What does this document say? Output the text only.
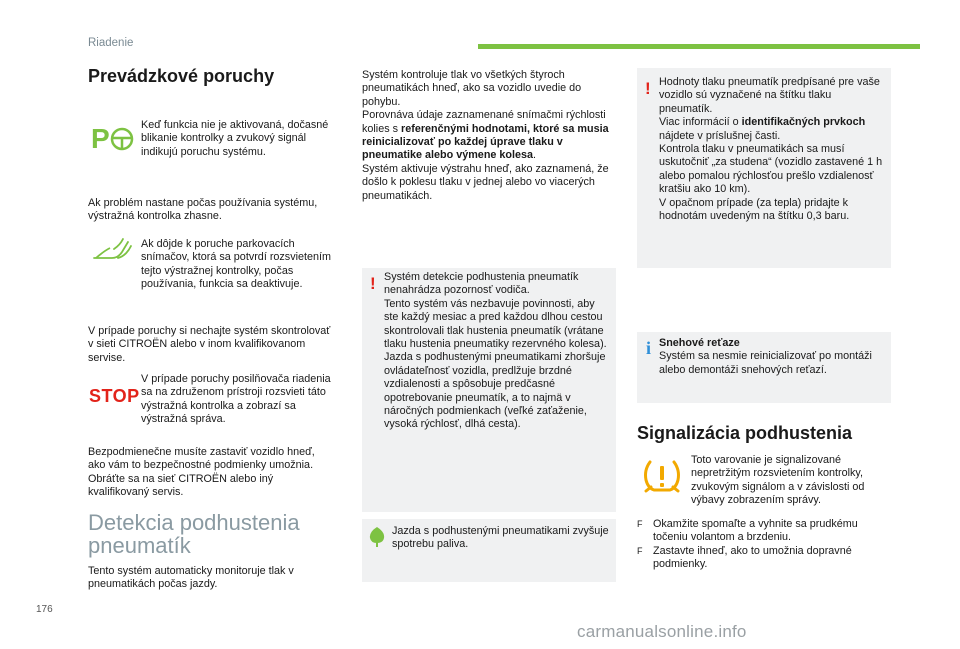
Riadenie
Prevádzkové poruchy
P	Keď funkcia nie je aktivovaná, dočasné blikanie kontrolky a zvukový signál indikujú poruchu systému.
Ak problém nastane počas používania systému, výstražná kontrolka zhasne.
Ak dôjde k poruche parkovacích snímačov, ktorá sa potvrdí rozsvietením tejto výstražnej kontrolky, počas používania, funkcia sa deaktivuje.
V prípade poruchy si nechajte systém skontrolovať v sieti CITROËN alebo v inom kvalifikovanom servise.
STOP
V prípade poruchy posilňovača riadenia sa na združenom prístroji rozsvieti táto výstražná kontrolka a zobrazí sa výstražná správa.
Bezpodmienečne musíte zastaviť vozidlo hneď, ako vám to bezpečnostné podmienky umožnia. Obráťte sa na sieť CITROËN alebo iný kvalifikovaný servis.
Detekcia podhustenia pneumatík
Tento systém automaticky monitoruje tlak v pneumatikách počas jazdy.

Systém kontroluje tlak vo všetkých štyroch pneumatikách hneď, ako sa vozidlo uvedie do pohybu.

Porovnáva údaje zaznamenané snímačmi rýchlosti kolies s referenčnými hodnotami, ktoré sa musia reinicializovať po každej úprave tlaku v pneumatike alebo výmene kolesa.

Systém aktivuje výstrahu hneď, ako zaznamená, že došlo k poklesu tlaku v jednej alebo vo viacerých pneumatikách.

! Systém detekcie podhustenia pneumatík nenahrádza pozornosť vodiča.

Tento systém vás nezbavuje povinnosti, aby ste každý mesiac a pred každou dlhou cestou skontrolovali tlak hustenia pneumatík (vrátane tlaku hustenia pneumatiky rezervného kolesa).

Jazda s podhustenými pneumatikami zhoršuje ovládateľnosť vozidla, predlžuje brzdné vzdialenosti a spôsobuje predčasné opotrebovanie pneumatík, a to najmä v náročných podmienkach (veľké zaťaženie, vysoká rýchlosť, dlhá cesta).

Jazda s podhustenými pneumatikami zvyšuje spotrebu paliva.
! Hodnoty tlaku pneumatík predpísané pre vaše vozidlo sú vyznačené na štítku tlaku pneumatík.

Viac informácií o identifikačných prvkoch nájdete v príslušnej časti.

Kontrola tlaku v pneumatikách sa musí uskutočniť „za studena“ (vozidlo zastavené 1 h alebo pomalou rýchlosťou prešlo vzdialenosť kratšiu ako 10 km).

V opačnom prípade (za tepla) pridajte k hodnotám uvedeným na štítku 0,3 baru.

i Snehové reťaze

Systém sa nesmie reinicializovať po montáži alebo demontáži snehových reťazí.

Signalizácia podhustenia
Toto varovanie je signalizované nepretržitým rozsvietením kontrolky, zvukovým signálom a v závislosti od výbavy zobrazením správy.
F Okamžite spomaľte a vyhnite sa prudkému točeniu volantom a brzdeniu.
F Zastavte ihneď, ako to umožnia dopravné podmienky.
176
carmanualsonline.info
